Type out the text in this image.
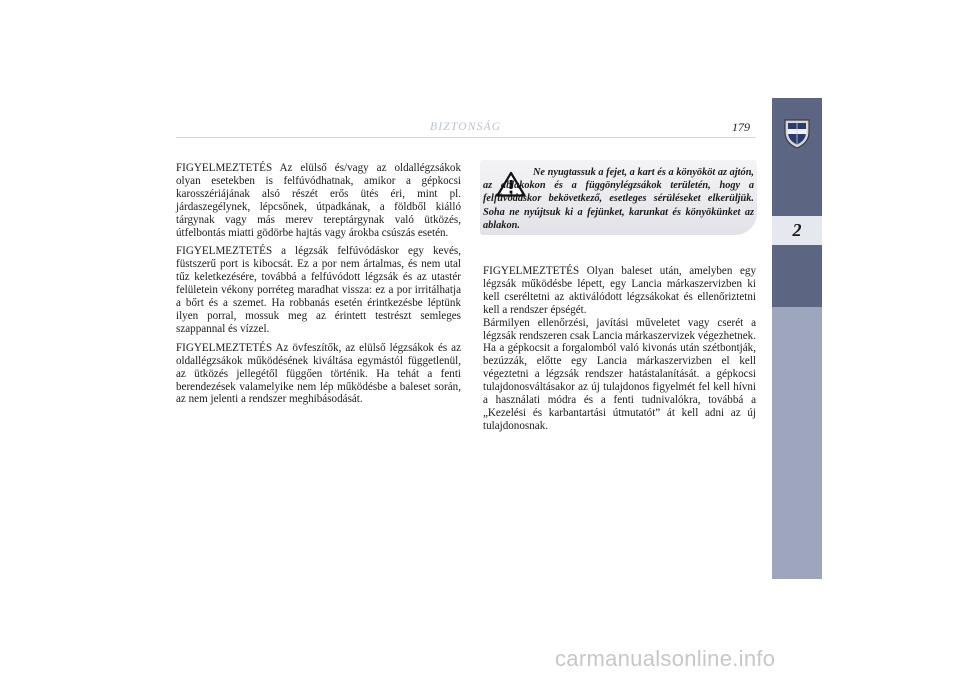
BIZTONSÁG	179

FIGYELMEZTETÉS Az elülső és/vagy az oldallégzsákok olyan esetekben is felfúvódhatnak, amikor a gépkocsi karosszériájának alsó részét erős ütés éri, mint pl. járdaszegélynek, lépcsőnek, útpadkának, a földből kiálló tárgynak vagy más merev tereptárgynak való ütközés, útfelbontás miatti gödörbe hajtás vagy árokba csúszás esetén.

FIGYELMEZTETÉS a légzsák felfúvódáskor egy kevés, füstszerű port is kibocsát. Ez a por nem ártalmas, és nem utal tűz keletkezésére, továbbá a felfúvódott légzsák és az utastér felületein vékony porréteg maradhat vissza: ez a por irritálhatja a bőrt és a szemet. Ha robbanás esetén érintkezésbe léptünk ilyen porral, mossuk meg az érintett testrészt semleges szappannal és vízzel.

FIGYELMEZTETÉS Az övfeszítők, az elülső légzsákok és az oldallégzsákok működésének kiváltása egymástól függetlenül, az ütközés jellegétől függően történik. Ha tehát a fenti berendezések valamelyike nem lép működésbe a baleset során, az nem jelenti a rendszer meghibásodását.

Ne nyugtassuk a fejet, a kart és a könyököt az ajtón, az ablakokon és a függönylégzsákok területén, hogy a felfúvódáskor bekövetkező, esetleges sérüléseket elkerüljük. Soha ne nyújtsuk ki a fejünket, karunkat és könyökünket az ablakon.

FIGYELMEZTETÉS Olyan baleset után, amelyben egy légzsák működésbe lépett, egy Lancia márkaszervizben ki kell cseréltetni az aktiválódott légzsákokat és ellenőriztetni kell a rendszer épségét.

Bármilyen ellenőrzési, javítási műveletet vagy cserét a légzsák rendszeren csak Lancia márkaszervizek végezhetnek. Ha a gépkocsit a forgalomból való kivonás után szétbontják, bezúzzák, előtte egy Lancia márkaszervizben el kell végeztetni a légzsák rendszer hatástalanítását. a gépkocsi tulajdonosváltásakor az új tulajdonos figyelmét fel kell hívni a használati módra és a fenti tudnivalókra, továbbá a „Kezelési és karbantartási útmutatót” át kell adni az új tulajdonosnak.

2
carmanualsonline.info
